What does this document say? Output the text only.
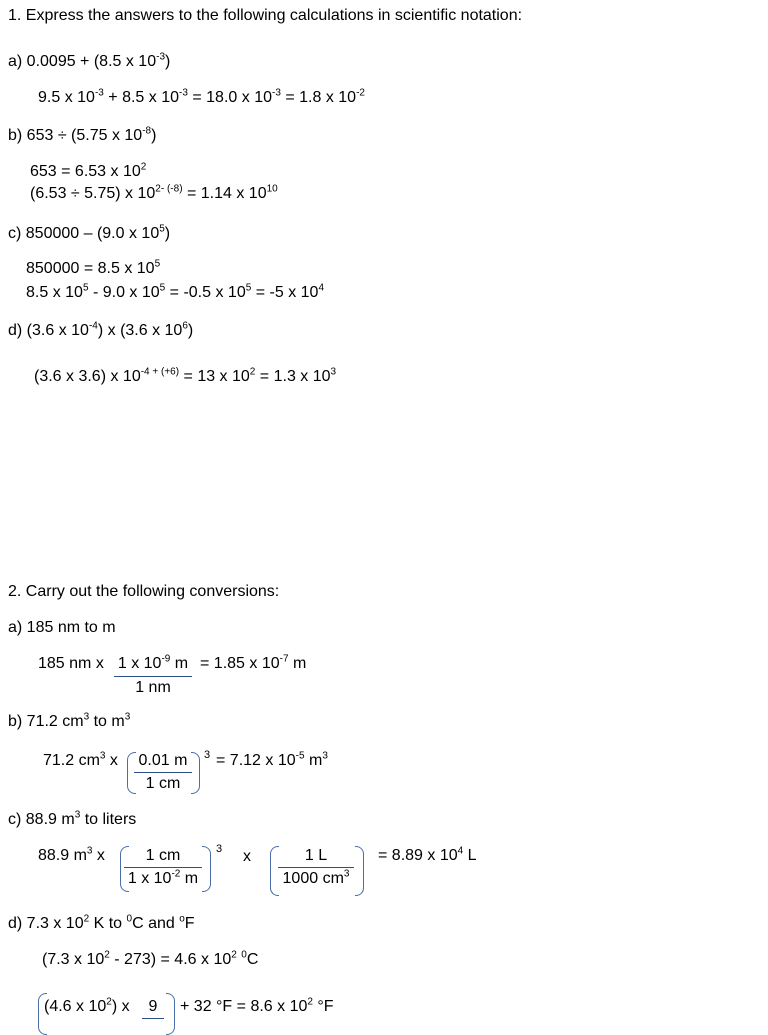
1. Express the answers to the following calculations in scientific notation:
a) 0.0095 + (8.5 x $10^{-3}$)
9.5 x $10^{-3} + 8.5$ x $10^{-3} = 18.0$ x $10^{-3} = 1.8$ x $10^{-2}$
b) 653 ÷ (5.75 x $10^{-8}$)
653 = 6.53 x $10^2$
(6.53 ÷ 5.75) x $10^{2- (-8)} = 1.14$ x $10^{10}$
c) 850000 – (9.0 x $10^5$)
850000 = 8.5 x $10^5$
8.5 x $10^5 - 9.0$ x $10^5 = -0.5$ x $10^5 = -5$ x $10^4$
d) (3.6 x $10^{-4}$) x (3.6 x $10^6$)
(3.6 x 3.6) x $10^{-4 + (+6)} = 13$ x $10^2 = 1.3$ x $10^3$
2. Carry out the following conversions:
a) 185 nm to m
185 nm x 1 x $10^{-9}$ m
1 nm
= 1.85 x $10^{-7}$ m
b) 71.2 $cm^3$ to $m^3$
71.2 $cm^3$ x	0.01 m
1 cm
3 = 7.12 x $10^{-5}$ $m^3$
c) 88.9 $m^3$ to liters
88.9 $m^3$ x	1 cm
1 x $10^{-2}$ m
3 x	1 L
1000 $cm^3$
= 8.89 x $10^4$ L
d) 7.3 x $10^2$ K to $^0$C and $^o$F
(7.3 x $10^2 - 273) = 4.6$ x $10^2$ $^0$C
(4.6 x $10^2$) x	9	+ 32 °F = 8.6 x $10^2$ °F
